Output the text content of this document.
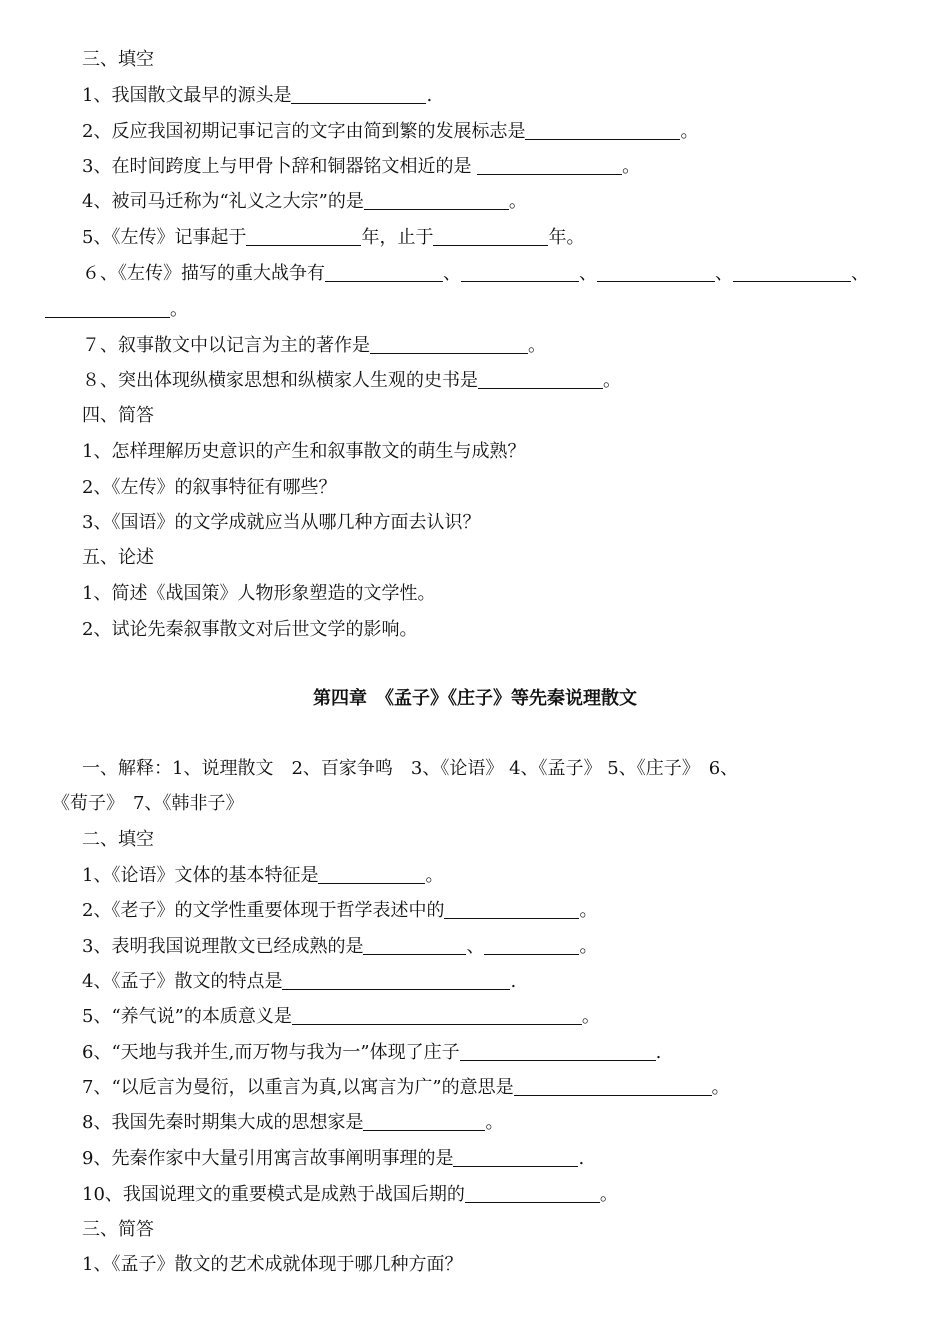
第四章　《孟子》《庄子》等先秦说理散文
三、填空
1、我国散文最早的源头是	.
2、反应我国初期记事记言的文字由简到繁的发展标志是	。
3、在时间跨度上与甲骨卜辞和铜器铭文相近的是	。
4、被司马迁称为“礼义之大宗”的是	。
5、《左传》记事起于	年，止于	年。
６、《左传》描写的重大战争有	、	、	、	、
。
７、叙事散文中以记言为主的著作是	。
８、突出体现纵横家思想和纵横家人生观的史书是	。
四、简答
1、怎样理解历史意识的产生和叙事散文的萌生与成熟？
2、《左传》的叙事特征有哪些？
3、《国语》的文学成就应当从哪几种方面去认识？
五、论述
1、简述《战国策》人物形象塑造的文学性。
2、试论先秦叙事散文对后世文学的影响。
一、解释：1、说理散文　2、百家争鸣　3、《论语》 4、《孟子》 5、《庄子》　6、
《荀子》　7、《韩非子》
二、填空
1、《论语》文体的基本特征是	。
2、《老子》的文学性重要体现于哲学表述中的	。
3、表明我国说理散文已经成熟的是	、	。
4、《孟子》散文的特点是	.
5、“养气说”的本质意义是	。
6、“天地与我并生,而万物与我为一”体现了庄子	.
7、“以卮言为曼衍，以重言为真,以寓言为广”的意思是	。
8、我国先秦时期集大成的思想家是	。
9、先秦作家中大量引用寓言故事阐明事理的是	.
10、我国说理文的重要模式是成熟于战国后期的	。
三、简答
1、《孟子》散文的艺术成就体现于哪几种方面？
